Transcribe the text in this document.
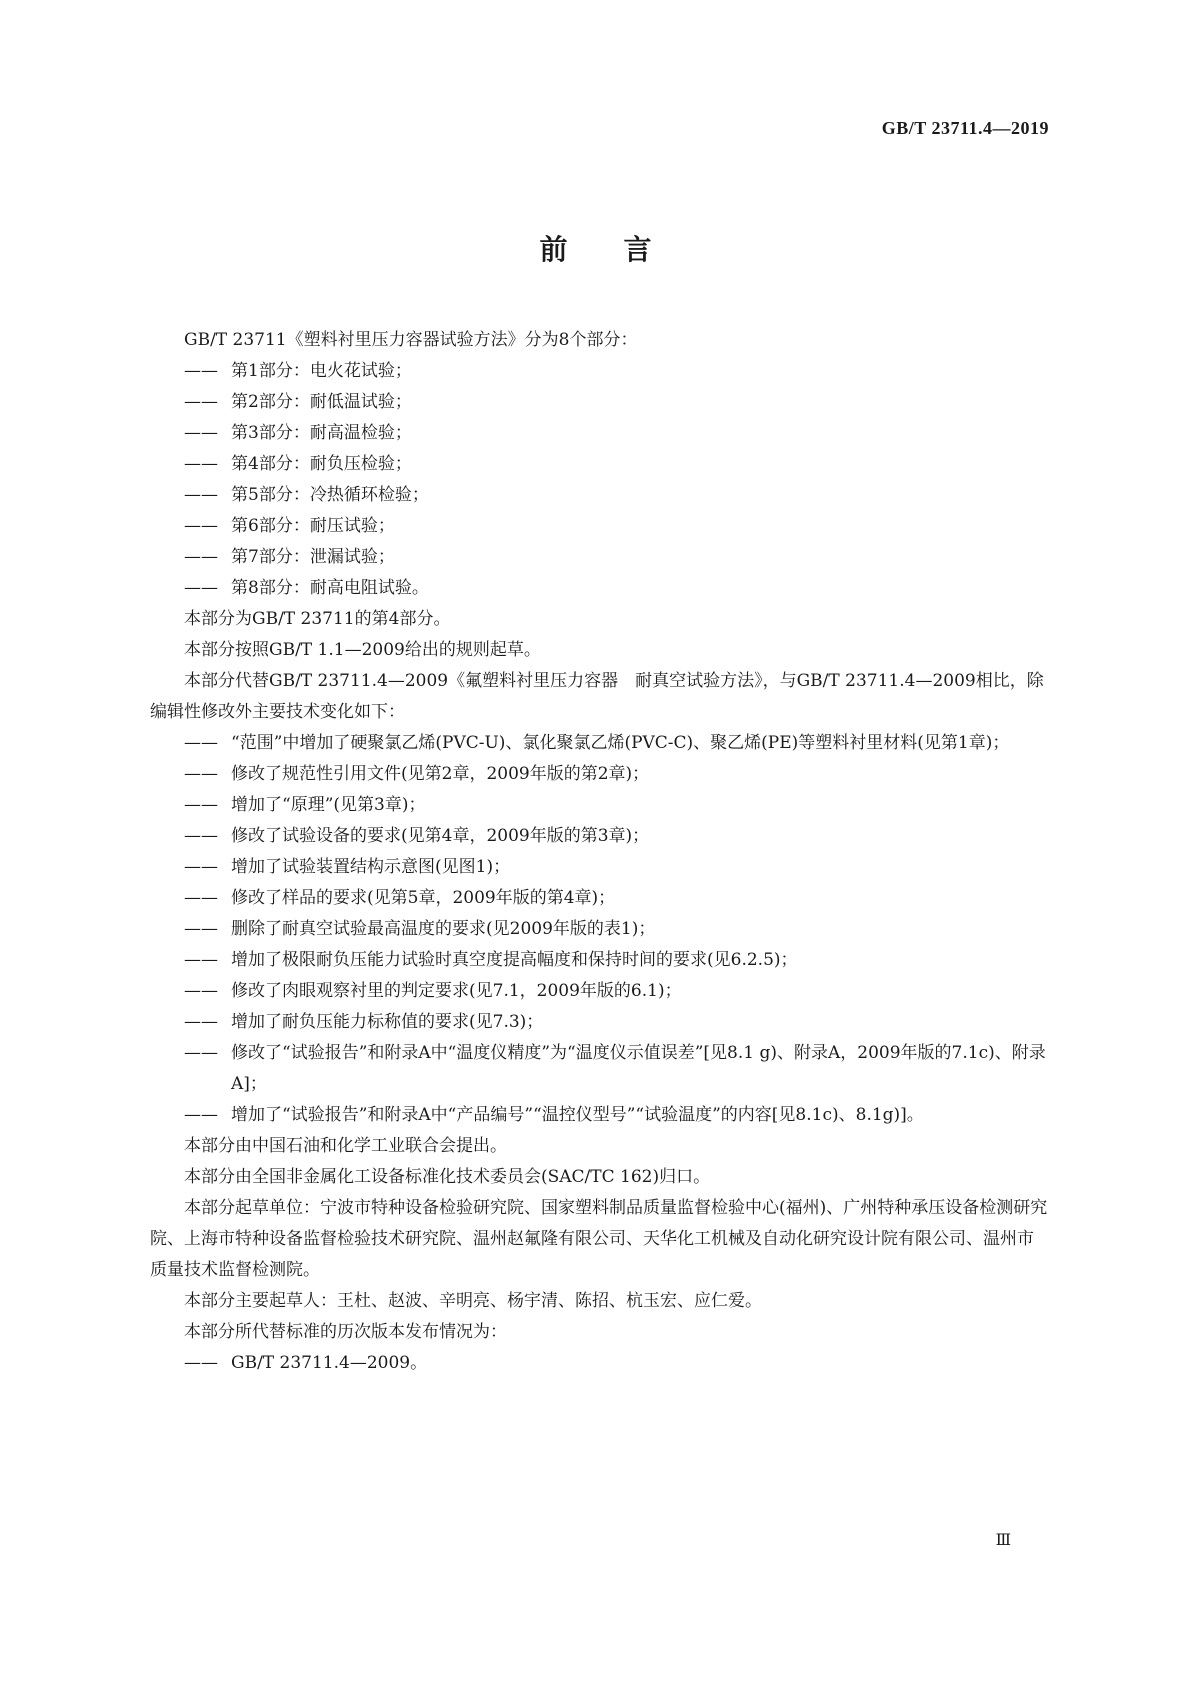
GB/T 23711.4—2019
前言

GB/T 23711《塑料衬里压力容器试验方法》分为8个部分：

—— 第1部分：电火花试验；

—— 第2部分：耐低温试验；

—— 第3部分：耐高温检验；

—— 第4部分：耐负压检验；

—— 第5部分：冷热循环检验；

—— 第6部分：耐压试验；

—— 第7部分：泄漏试验；

—— 第8部分：耐高电阻试验。

本部分为GB/T 23711的第4部分。

本部分按照GB/T 1.1—2009给出的规则起草。

本部分代替GB/T 23711.4—2009《氟塑料衬里压力容器　耐真空试验方法》，与GB/T 23711.4—2009相比，除编辑性修改外主要技术变化如下：

—— “范围”中增加了硬聚氯乙烯(PVC-U)、氯化聚氯乙烯(PVC-C)、聚乙烯(PE)等塑料衬里材料(见第1章)；

—— 修改了规范性引用文件(见第2章，2009年版的第2章)；

—— 增加了“原理”(见第3章)；

—— 修改了试验设备的要求(见第4章，2009年版的第3章)；

—— 增加了试验装置结构示意图(见图1)；

—— 修改了样品的要求(见第5章，2009年版的第4章)；

—— 删除了耐真空试验最高温度的要求(见2009年版的表1)；

—— 增加了极限耐负压能力试验时真空度提高幅度和保持时间的要求(见6.2.5)；

—— 修改了肉眼观察衬里的判定要求(见7.1，2009年版的6.1)；

—— 增加了耐负压能力标称值的要求(见7.3)；

—— 修改了“试验报告”和附录A中“温度仪精度”为“温度仪示值误差”[见8.1 g)、附录A，2009年版的7.1c)、附录A]；

—— 增加了“试验报告”和附录A中“产品编号”“温控仪型号”“试验温度”的内容[见8.1c)、8.1g)]。

本部分由中国石油和化学工业联合会提出。

本部分由全国非金属化工设备标准化技术委员会(SAC/TC 162)归口。

本部分起草单位：宁波市特种设备检验研究院、国家塑料制品质量监督检验中心(福州)、广州特种承压设备检测研究院、上海市特种设备监督检验技术研究院、温州赵氟隆有限公司、天华化工机械及自动化研究设计院有限公司、温州市质量技术监督检测院。

本部分主要起草人：王杜、赵波、辛明亮、杨宇清、陈招、杭玉宏、应仁爱。

本部分所代替标准的历次版本发布情况为：

—— GB/T 23711.4—2009。

Ⅲ
